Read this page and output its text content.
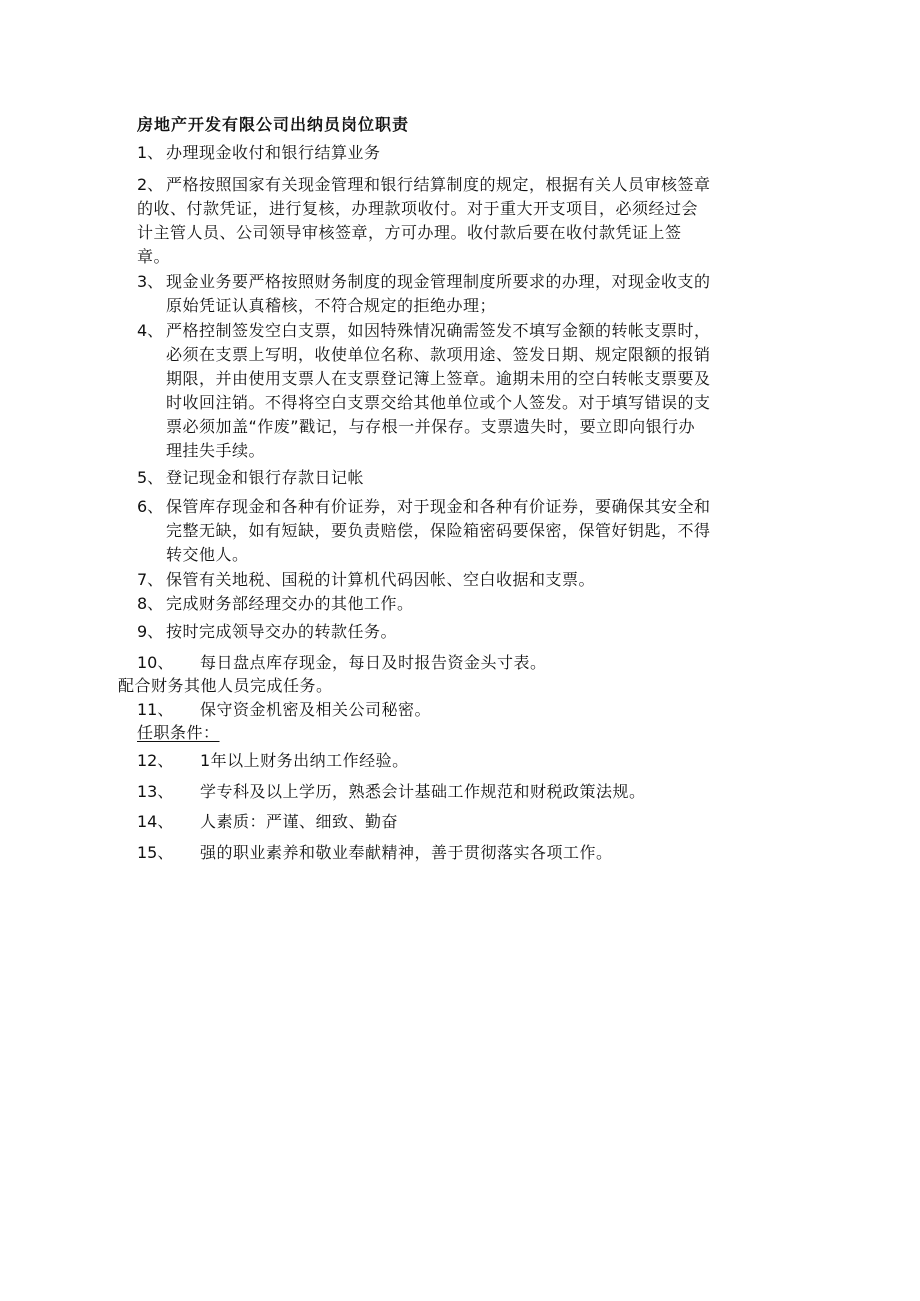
房地产开发有限公司出纳员岗位职责
1、 办理现金收付和银行结算业务
2、 严格按照国家有关现金管理和银行结算制度的规定，根据有关人员审核签章
的收、付款凭证，进行复核，办理款项收付。对于重大开支项目，必须经过会
计主管人员、公司领导审核签章，方可办理。收付款后要在收付款凭证上签
章。
3、 现金业务要严格按照财务制度的现金管理制度所要求的办理，对现金收支的
原始凭证认真稽核，不符合规定的拒绝办理；
4、 严格控制签发空白支票，如因特殊情况确需签发不填写金额的转帐支票时，
必须在支票上写明，收使单位名称、款项用途、签发日期、规定限额的报销
期限，并由使用支票人在支票登记簿上签章。逾期未用的空白转帐支票要及
时收回注销。不得将空白支票交给其他单位或个人签发。对于填写错误的支
票必须加盖“作废”戳记，与存根一并保存。支票遗失时，要立即向银行办
理挂失手续。
5、 登记现金和银行存款日记帐
6、 保管库存现金和各种有价证券，对于现金和各种有价证券，要确保其安全和
完整无缺，如有短缺，要负责赔偿，保险箱密码要保密，保管好钥匙，不得
转交他人。
7、 保管有关地税、国税的计算机代码因帐、空白收据和支票。
8、 完成财务部经理交办的其他工作。
9、 按时完成领导交办的转款任务。
10、 每日盘点库存现金，每日及时报告资金头寸表。
配合财务其他人员完成任务。
11、 保守资金机密及相关公司秘密。
任职条件：
12、 1年以上财务出纳工作经验。
13、 学专科及以上学历，熟悉会计基础工作规范和财税政策法规。
14、 人素质：严谨、细致、勤奋
15、 强的职业素养和敬业奉献精神，善于贯彻落实各项工作。
